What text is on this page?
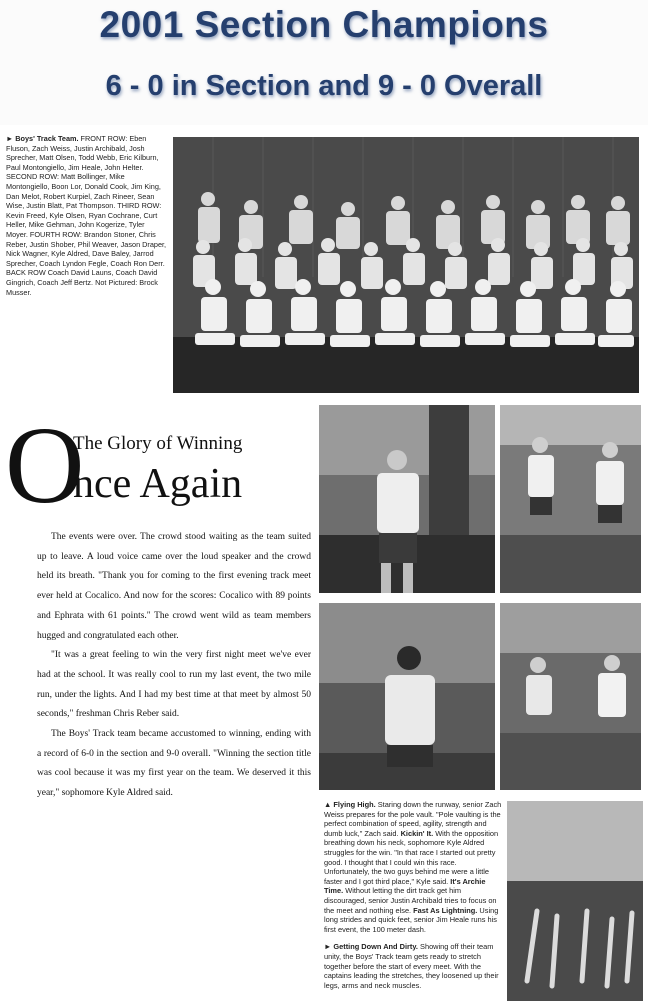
2001 Section Champions
6 - 0 in Section and 9 - 0 Overall
► Boys' Track Team. FRONT ROW: Eben Fluson, Zach Weiss, Justin Archibald, Josh Sprecher, Matt Olsen, Todd Webb, Eric Kilburn, Paul Montongiello, Jim Heale, John Helter. SECOND ROW: Matt Bollinger, Mike Montongiello, Boon Lor, Donald Cook, Jim King, Dan Melot, Robert Kurpiel, Zach Rineer, Sean Wise, Justin Blatt, Pat Thompson. THIRD ROW: Kevin Freed, Kyle Olsen, Ryan Cochrane, Curt Heller, Mike Gehman, John Kogerize, Tyler Moyer. FOURTH ROW: Brandon Stoner, Chris Reber, Justin Shober, Phil Weaver, Jason Draper, Nick Wagner, Kyle Aldred, Dave Baley, Jarrod Sprecher, Coach Lyndon Fegle, Coach Ron Derr. BACK ROW Coach David Launs, Coach David Gingrich, Coach Jeff Bertz. Not Pictured: Brock Musser.
O
The Glory of Winning
nce Again

The events were over. The crowd stood waiting as the team suited up to leave. A loud voice came over the loud speaker and the crowd held its breath. "Thank you for coming to the first evening track meet ever held at Cocalico. And now for the scores: Cocalico with 89 points and Ephrata with 61 points." The crowd went wild as team members hugged and congratulated each other.

"It was a great feeling to win the very first night meet we've ever had at the school. It was really cool to run my last event, the two mile run, under the lights. And I had my best time at that meet by almost 50 seconds," freshman Chris Reber said.

The Boys' Track team became accustomed to winning, ending with a record of 6-0 in the section and 9-0 overall. "Winning the section title was cool because it was my first year on the team. We deserved it this year," sophomore Kyle Aldred said.

▲ Flying High. Staring down the runway, senior Zach Weiss prepares for the pole vault. "Pole vaulting is the perfect combination of speed, agility, strength and dumb luck," Zach said. Kickin' It. With the opposition breathing down his neck, sophomore Kyle Aldred struggles for the win. "In that race I started out pretty good. I thought that I could win this race. Unfortunately, the two guys behind me were a little faster and I got third place," Kyle said. It's Archie Time. Without letting the dirt track get him discouraged, senior Justin Archibald tries to focus on the meet and nothing else. Fast As Lightning. Using long strides and quick feet, senior Jim Heale runs his first event, the 100 meter dash.

► Getting Down And Dirty. Showing off their team unity, the Boys' Track team gets ready to stretch together before the start of every meet. With the captains leading the stretches, they loosened up their legs, arms and neck muscles.
